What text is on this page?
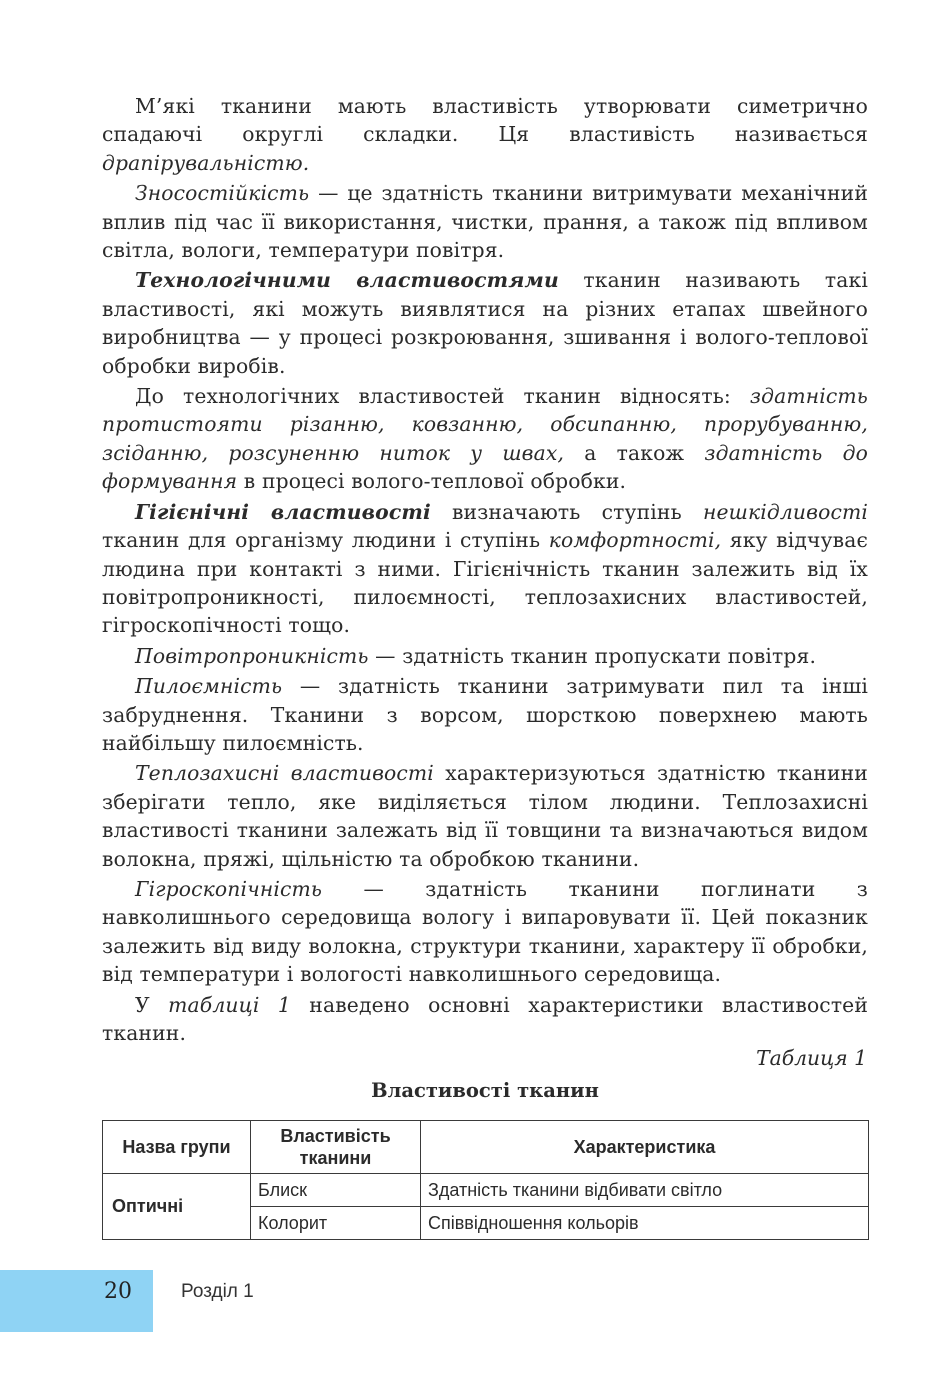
М’які тканини мають властивість утворювати симетрично спадаючі округлі складки. Ця властивість називається драпірувальністю.

Зносостійкість — це здатність тканини витримувати механічний вплив під час її використання, чистки, прання, а також під впливом світла, вологи, температури повітря.

Технологічними властивостями тканин називають такі властивості, які можуть виявлятися на різних етапах швейного виробництва — у процесі розкроювання, зшивання і волого-теплової обробки виробів.

До технологічних властивостей тканин відносять: здатність протистояти різанню, ковзанню, обсипанню, прорубуванню, зсіданню, розсуненню ниток у швах, а також здатність до формування в процесі волого-теплової обробки.

Гігієнічні властивості визначають ступінь нешкідливості тканин для організму людини і ступінь комфортності, яку відчуває людина при контакті з ними. Гігієнічність тканин залежить від їх повітропроникності, пилоємності, теплозахисних властивостей, гігроскопічності тощо.

Повітропроникність — здатність тканин пропускати повітря.

Пилоємність — здатність тканини затримувати пил та інші забруднення. Тканини з ворсом, шорсткою поверхнею мають найбільшу пилоємність.

Теплозахисні властивості характеризуються здатністю тканини зберігати тепло, яке виділяється тілом людини. Теплозахисні властивості тканини залежать від її товщини та визначаються видом волокна, пряжі, щільністю та обробкою тканини.

Гігроскопічність — здатність тканини поглинати з навколишнього середовища вологу і випаровувати її. Цей показник залежить від виду волокна, структури тканини, характеру її обробки, від температури і вологості навколишнього середовища.

У таблиці 1 наведено основні характеристики властивостей тканин.

Таблиця 1
Властивості тканин
Назва групи	Властивість тканини	Характеристика
Оптичні	Блиск	Здатність тканини відбивати світло
	Колорит	Співвідношення кольорів
20	Розділ 1
